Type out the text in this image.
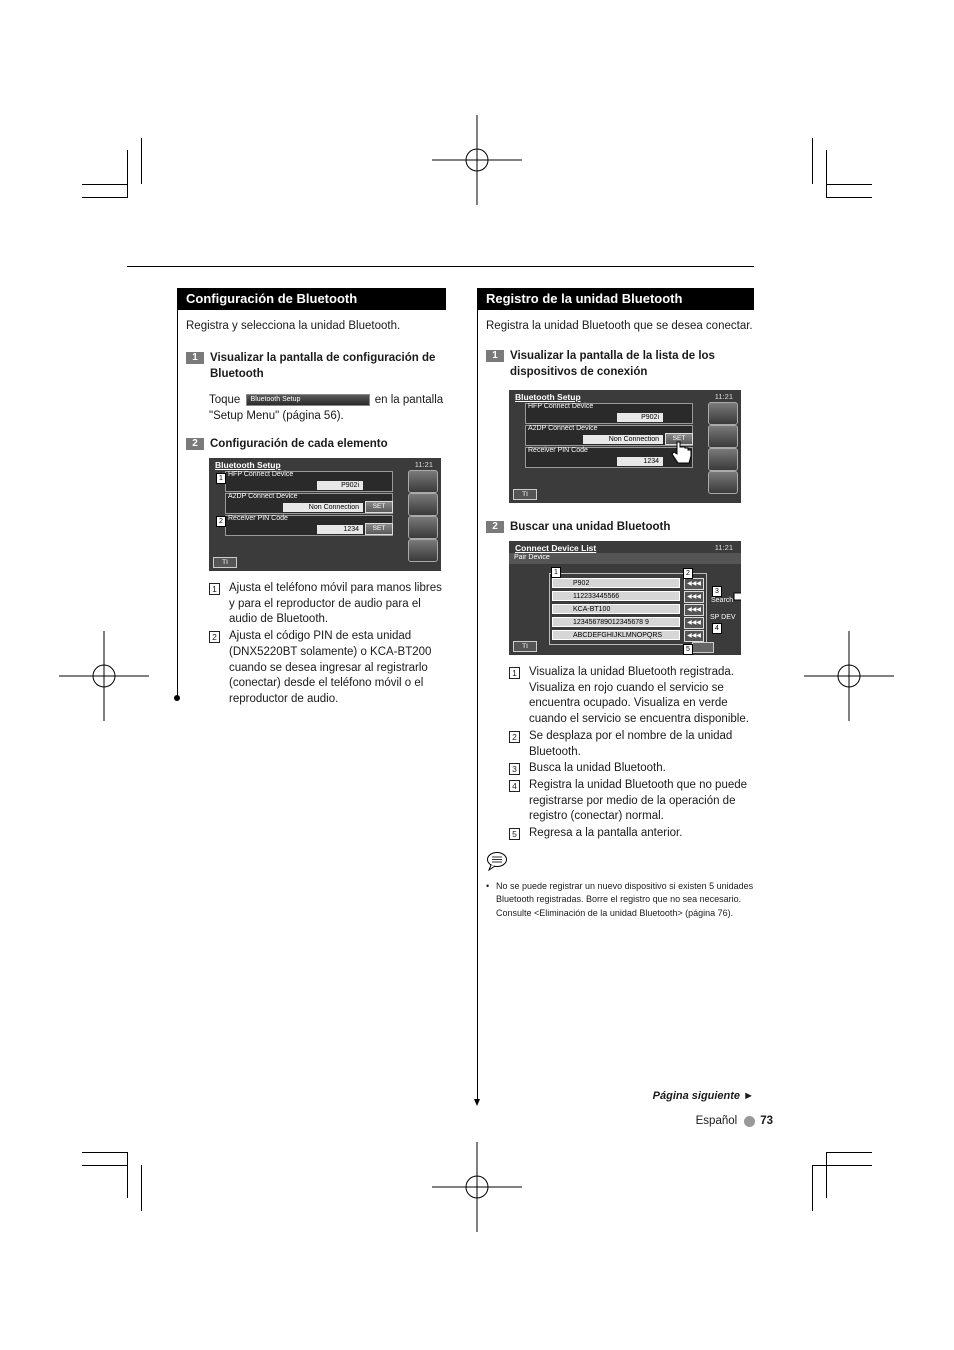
Configuración de Bluetooth
Registra y selecciona la unidad Bluetooth.
1	Visualizar la pantalla de configuración de Bluetooth
Toque Bluetooth Setup	en la pantalla "Setup Menu" (página 56).
2	Configuración de cada elemento
Bluetooth Setup	11:21
HFP Connect Device
P902i
A2DP Connect Device
Non Connection	SET
Receiver PIN Code
1234	SET
1
2
TI
1 Ajusta el teléfono móvil para manos libres y para el reproductor de audio para el audio de Bluetooth.
2 Ajusta el código PIN de esta unidad (DNX5220BT solamente) o KCA-BT200 cuando se desea ingresar al registrarlo (conectar) desde el teléfono móvil o el reproductor de audio.
Registro de la unidad Bluetooth
Registra la unidad Bluetooth que se desea conectar.
1	Visualizar la pantalla de la lista de los dispositivos de conexión
Bluetooth Setup	11:21
HFP Connect Device
P902i
A2DP Connect Device
Non Connection	SET
Receiver PIN Code
1234
TI
2	Buscar una unidad Bluetooth
Connect Device List	11:21
Pair Device
P902
112233445566
KCA-BT100
123456789012345678 9
ABCDEFGHIJKLMNOPQRS
◀◀◀
◀◀◀
◀◀◀
◀◀◀
◀◀◀
Search
SP DEV
TI
1	2
3
4
5
1 Visualiza la unidad Bluetooth registrada. Visualiza en rojo cuando el servicio se encuentra ocupado. Visualiza en verde cuando el servicio se encuentra disponible.
2 Se desplaza por el nombre de la unidad Bluetooth.
3 Busca la unidad Bluetooth.
4 Registra la unidad Bluetooth que no puede registrarse por medio de la operación de registro (conectar) normal.
5 Regresa a la pantalla anterior.
• No se puede registrar un nuevo dispositivo si existen 5 unidades Bluetooth registradas. Borre el registro que no sea necesario. Consulte <Eliminación de la unidad Bluetooth> (página 76).
Página siguiente ►
Español 73
